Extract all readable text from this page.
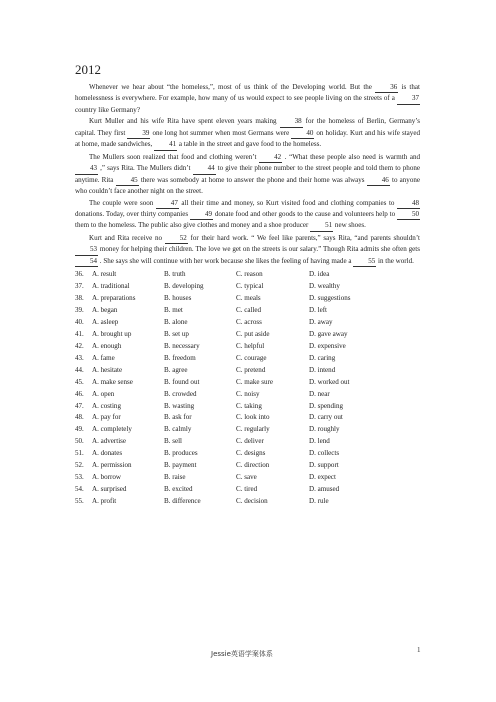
2012

Whenever we hear about “the homeless,”, most of us think of the Developing world. But the 36 is that homelessness is everywhere. For example, how many of us would expect to see people living on the streets of a 37 country like Germany?

Kurt Muller and his wife Rita have spent eleven years making 38 for the homeless of Berlin, Germany’s capital. They first 39 one long hot summer when most Germans were 40 on holiday. Kurt and his wife stayed at home, made sandwiches, 41 a table in the street and gave food to the homeless.

The Mullers soon realized that food and clothing weren’t 42 . “What these people also need is warmth and 43 ,” says Rita. The Mullers didn’t 44 to give their phone number to the street people and told them to phone anytime. Rita 45 there was somebody at home to answer the phone and their home was always 46 to anyone who couldn’t face another night on the street.

The couple were soon 47 all their time and money, so Kurt visited food and clothing companies to 48 donations. Today, over thirty companies 49 donate food and other goods to the cause and volunteers help to 50 them to the homeless. The public also give clothes and money and a shoe producer 51 new shoes.

Kurt and Rita receive no 52 for their hard work. “ We feel like parents,” says Rita, “and parents shouldn’t 53 money for helping their children. The love we get on the streets is our salary.” Though Rita admits she often gets 54 . She says she will continue with her work because she likes the feeling of having made a 55 in the world.

36.	A. result	B. truth	C. reason	D. idea
37.	A. traditional	B. developing	C. typical	D. wealthy
38.	A. preparations	B. houses	C. meals	D. suggestions
39.	A. began	B. met	C. called	D. left
40.	A. asleep	B. alone	C. across	D. away
41.	A. brought up	B. set up	C. put aside	D. gave away
42.	A. enough	B. necessary	C. helpful	D. expensive
43.	A. fame	B. freedom	C. courage	D. caring
44.	A. hesitate	B. agree	C. pretend	D. intend
45.	A. make sense	B. found out	C. make sure	D. worked out
46.	A. open	B. crowded	C. noisy	D. near
47.	A. costing	B. wasting	C. taking	D. spending
48.	A. pay for	B. ask for	C. look into	D. carry out
49.	A. completely	B. calmly	C. regularly	D. roughly
50.	A. advertise	B. sell	C. deliver	D. lend
51.	A. donates	B. produces	C. designs	D. collects
52.	A. permission	B. payment	C. direction	D. support
53.	A. borrow	B. raise	C. save	D. expect
54.	A. surprised	B. excited	C. tired	D. amused
55.	A. profit	B. difference	C. decision	D. rule
Jessie英语学案体系	1
